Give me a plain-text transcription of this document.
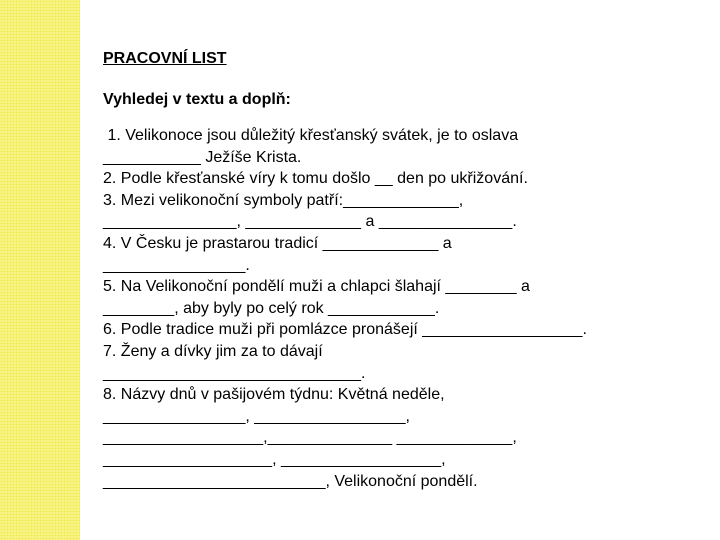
PRACOVNÍ LIST

Vyhledej v textu a doplň:

1. Velikonoce jsou důležitý křesťanský svátek, je to oslava
___________ Ježíše Krista.
2. Podle křesťanské víry k tomu došlo __ den po ukřižování.
3. Mezi velikonoční symboly patří:_____________,
_______________, _____________ a _______________.
4. V Česku je prastarou tradicí _____________ a
________________.
5. Na Velikonoční pondělí muži a chlapci šlahají ________ a
________, aby byly po celý rok ____________.
6. Podle tradice muži při pomlázce pronášejí __________________.
7. Ženy a dívky jim za to dávají
_____________________________.
8. Názvy dnů v pašijovém týdnu: Květná neděle,
________________, _________________,
__________________,______________ _____________,
___________________, __________________,
_________________________, Velikonoční pondělí.
